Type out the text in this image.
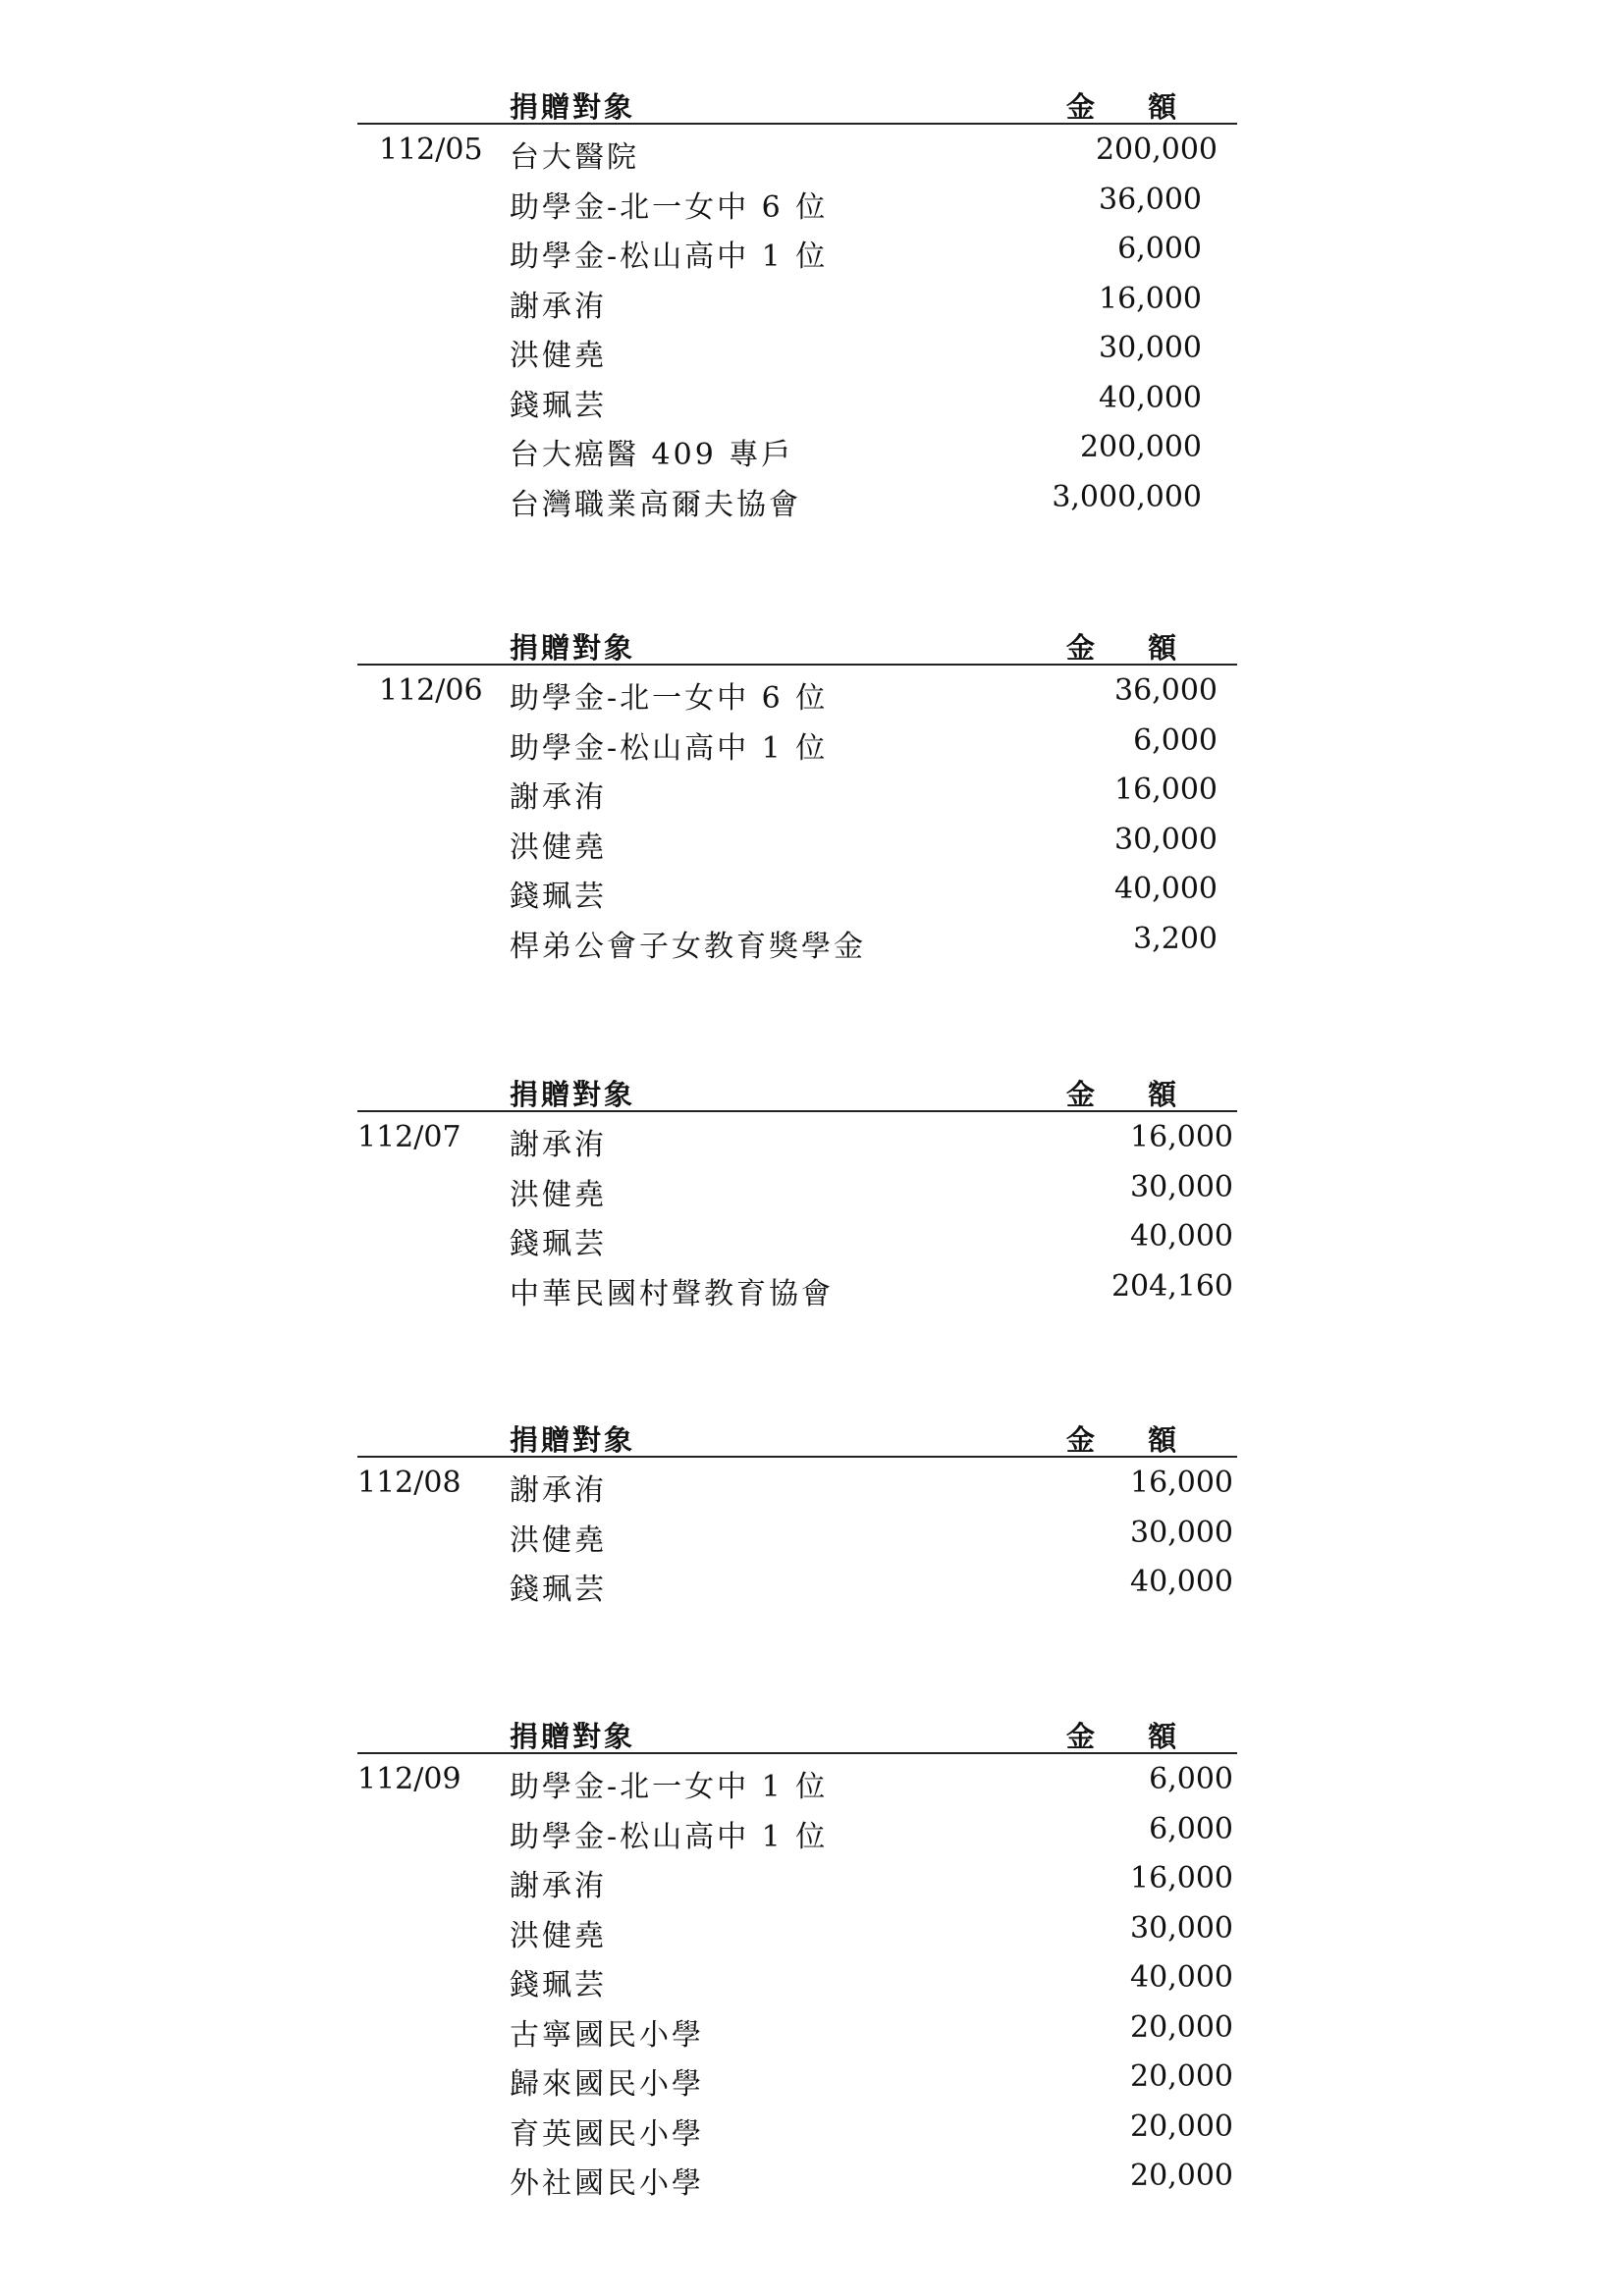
捐贈對象	金 額
112/05 台大醫院	200,000
助學金-北一女中 6 位	36,000
助學金-松山高中 1 位	6,000
謝承洧	16,000
洪健堯	30,000
錢珮芸	40,000
台大癌醫 409 專戶	200,000
台灣職業高爾夫協會	3,000,000
捐贈對象	金 額
112/06 助學金-北一女中 6 位	36,000
助學金-松山高中 1 位	6,000
謝承洧	16,000
洪健堯	30,000
錢珮芸	40,000
桿弟公會子女教育獎學金	3,200
捐贈對象	金 額
112/07 謝承洧	16,000
洪健堯	30,000
錢珮芸	40,000
中華民國村聲教育協會	204,160
捐贈對象	金 額
112/08 謝承洧	16,000
洪健堯	30,000
錢珮芸	40,000
捐贈對象	金 額
112/09 助學金-北一女中 1 位	6,000
助學金-松山高中 1 位	6,000
謝承洧	16,000
洪健堯	30,000
錢珮芸	40,000
古寧國民小學	20,000
歸來國民小學	20,000
育英國民小學	20,000
外社國民小學	20,000
